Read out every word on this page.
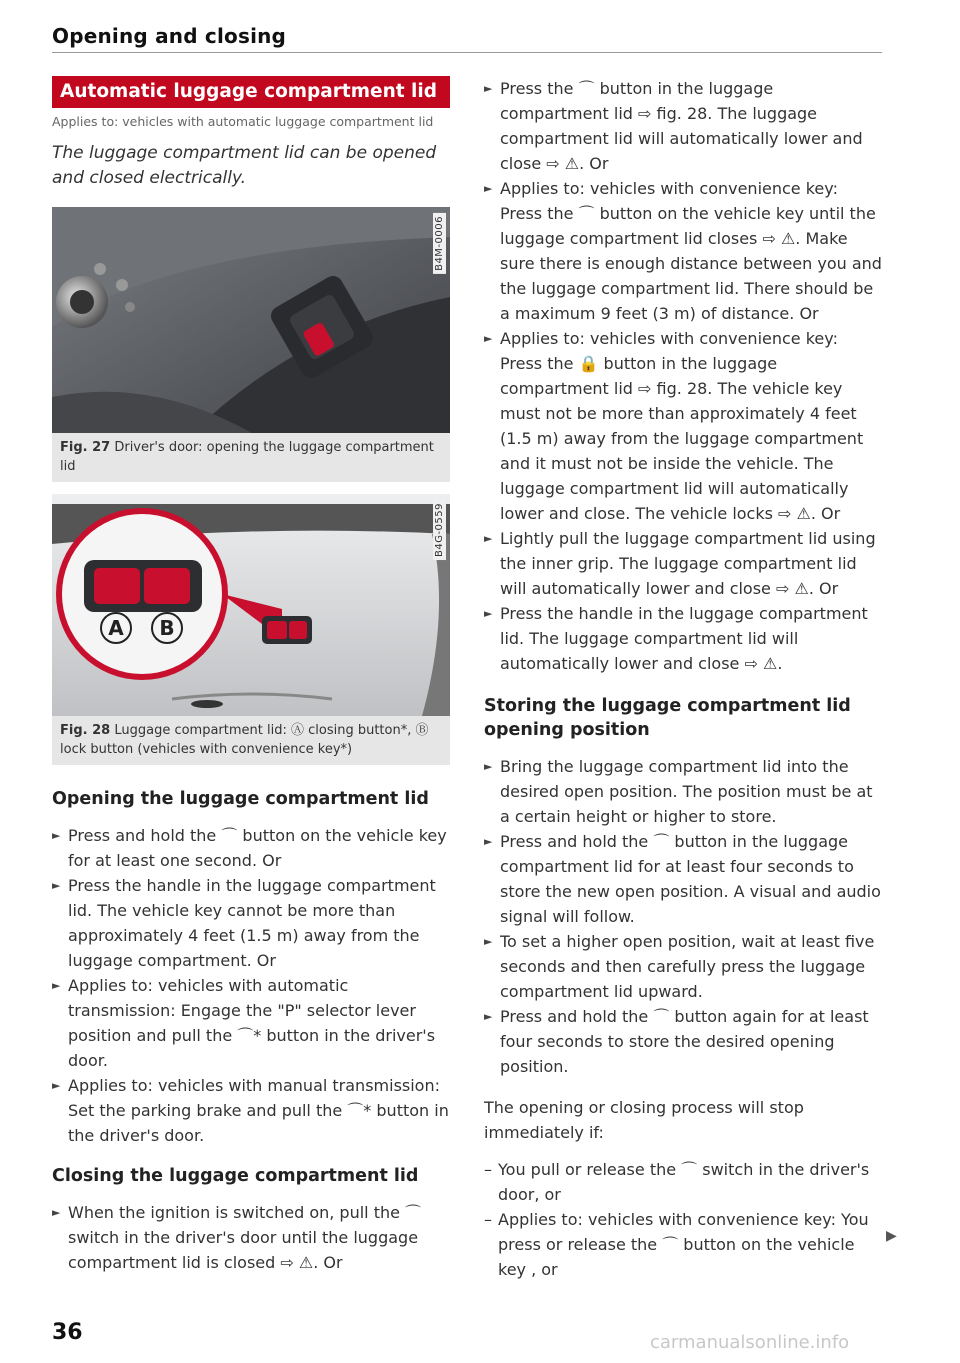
Opening and closing
Automatic luggage compartment lid
Applies to: vehicles with automatic luggage compartment lid
The luggage compartment lid can be opened and closed electrically.
B4M-0006
Fig. 27 Driver's door: opening the luggage compartment lid
A B
B4G-0559
Fig. 28 Luggage compartment lid: Ⓐ closing button*, Ⓑ lock button (vehicles with convenience key*)
Opening the luggage compartment lid
► Press and hold the ⌒ button on the vehicle key for at least one second. Or
► Press the handle in the luggage compartment lid. The vehicle key cannot be more than approximately 4 feet (1.5 m) away from the luggage compartment. Or
► Applies to: vehicles with automatic transmission: Engage the "P" selector lever position and pull the ⌒* button in the driver's door.
► Applies to: vehicles with manual transmission: Set the parking brake and pull the ⌒* button in the driver's door.
Closing the luggage compartment lid
► When the ignition is switched on, pull the ⌒ switch in the driver's door until the luggage compartment lid is closed ⇨ ⚠. Or
► Press the ⌒ button in the luggage compartment lid ⇨ fig. 28. The luggage compartment lid will automatically lower and close ⇨ ⚠. Or
► Applies to: vehicles with convenience key: Press the ⌒ button on the vehicle key until the luggage compartment lid closes ⇨ ⚠. Make sure there is enough distance between you and the luggage compartment lid. There should be a maximum 9 feet (3 m) of distance. Or
► Applies to: vehicles with convenience key: Press the 🔒 button in the luggage compartment lid ⇨ fig. 28. The vehicle key must not be more than approximately 4 feet (1.5 m) away from the luggage compartment and it must not be inside the vehicle. The luggage compartment lid will automatically lower and close. The vehicle locks ⇨ ⚠. Or
► Lightly pull the luggage compartment lid using the inner grip. The luggage compartment lid will automatically lower and close ⇨ ⚠. Or
► Press the handle in the luggage compartment lid. The luggage compartment lid will automatically lower and close ⇨ ⚠.
Storing the luggage compartment lid opening position
► Bring the luggage compartment lid into the desired open position. The position must be at a certain height or higher to store.
► Press and hold the ⌒ button in the luggage compartment lid for at least four seconds to store the new open position. A visual and audio signal will follow.
► To set a higher open position, wait at least five seconds and then carefully press the luggage compartment lid upward.
► Press and hold the ⌒ button again for at least four seconds to store the desired opening position.
The opening or closing process will stop immediately if:
– You pull or release the ⌒ switch in the driver's door, or
– Applies to: vehicles with convenience key: You press or release the ⌒ button on the vehicle key , or
▶
36	carmanualsonline.info
